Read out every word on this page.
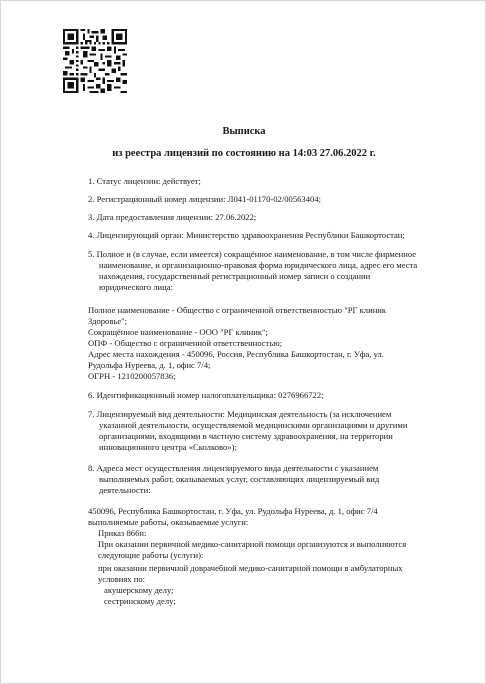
Выписка
из реестра лицензий по состоянию на 14:03 27.06.2022 г.
1. Статус лицензии: действует;
2. Регистрационный номер лицензии: Л041-01170-02/00563404;
3. Дата предоставления лицензии: 27.06.2022;
4. Лицензирующий орган: Министерство здравоохранения Республики Башкортостан;
5. Полное и (в случае, если имеется) сокращённое наименование, в том числе фирменное
наименование, и организационно-правовая форма юридического лица, адрес его места
нахождения, государственный регистрационный номер записи о создании
юридического лица:
Полное наименование - Общество с ограниченной ответственностью "РГ клиник
Здоровье";
Сокращённое наименование - ООО "РГ клиник";
ОПФ - Общество с ограниченной ответственностью;
Адрес места нахождения - 450096, Россия, Республика Башкортостан, г. Уфа, ул.
Рудольфа Нуреева, д. 1, офис 7/4;
ОГРН - 1210200057836;
6. Идентификационный номер налогоплательщика: 0276966722;
7. Лицензируемый вид деятельности: Медицинская деятельность (за исключением
указанной деятельности, осуществляемой медицинскими организациями и другими
организациями, входящими в частную систему здравоохранения, на территории
инновационного центра «Сколково»);
8. Адреса мест осуществления лицензируемого вида деятельности с указанием
выполняемых работ, оказываемых услуг, составляющих лицензируемый вид
деятельности:
450096, Республика Башкортостан, г. Уфа, ул. Рудольфа Нуреева, д. 1, офис 7/4
выполняемые работы, оказываемые услуги:
Приказ 866н:
При оказании первичной медико-санитарной помощи организуются и выполняются
следующие работы (услуги):
при оказании первичной доврачебной медико-санитарной помощи в амбулаторных
условиях по:
акушерскому делу;
сестринскому делу;
